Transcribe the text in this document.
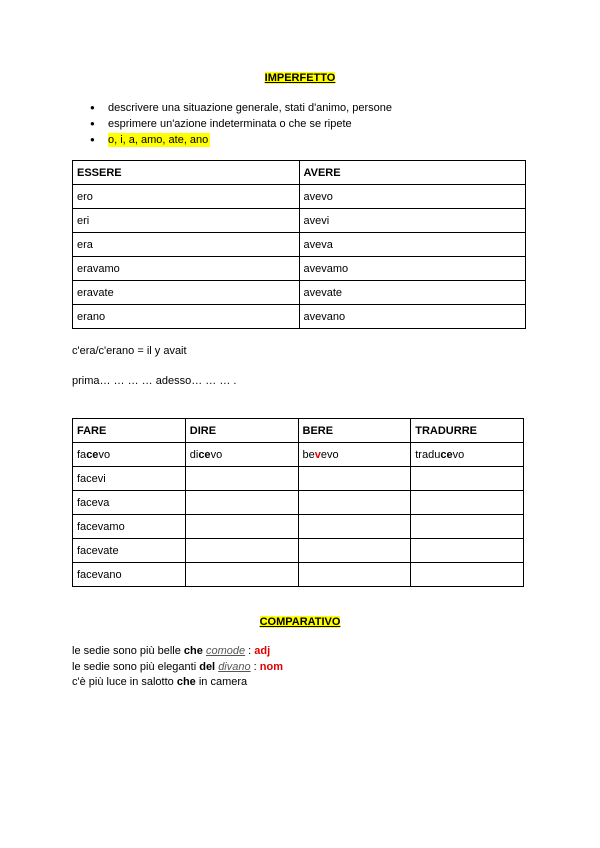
IMPERFETTO
● descrivere una situazione generale, stati d'animo, persone
● esprimere un'azione indeterminata o che se ripete
● o, i, a, amo, ate, ano
ESSERE	AVERE
ero	avevo
eri	avevi
era	aveva
eravamo	avevamo
eravate	avevate
erano	avevano
c'era/c'erano = il y avait
prima… … … … adesso… … … .
FARE	DIRE	BERE	TRADURRE
facevo	dicevo	bevevo	traducevo
facevi			
faceva			
facevamo			
facevate			
facevano			
COMPARATIVO
le sedie sono più belle che comode : adj
le sedie sono più eleganti del divano : nom
c'è più luce in salotto che in camera
